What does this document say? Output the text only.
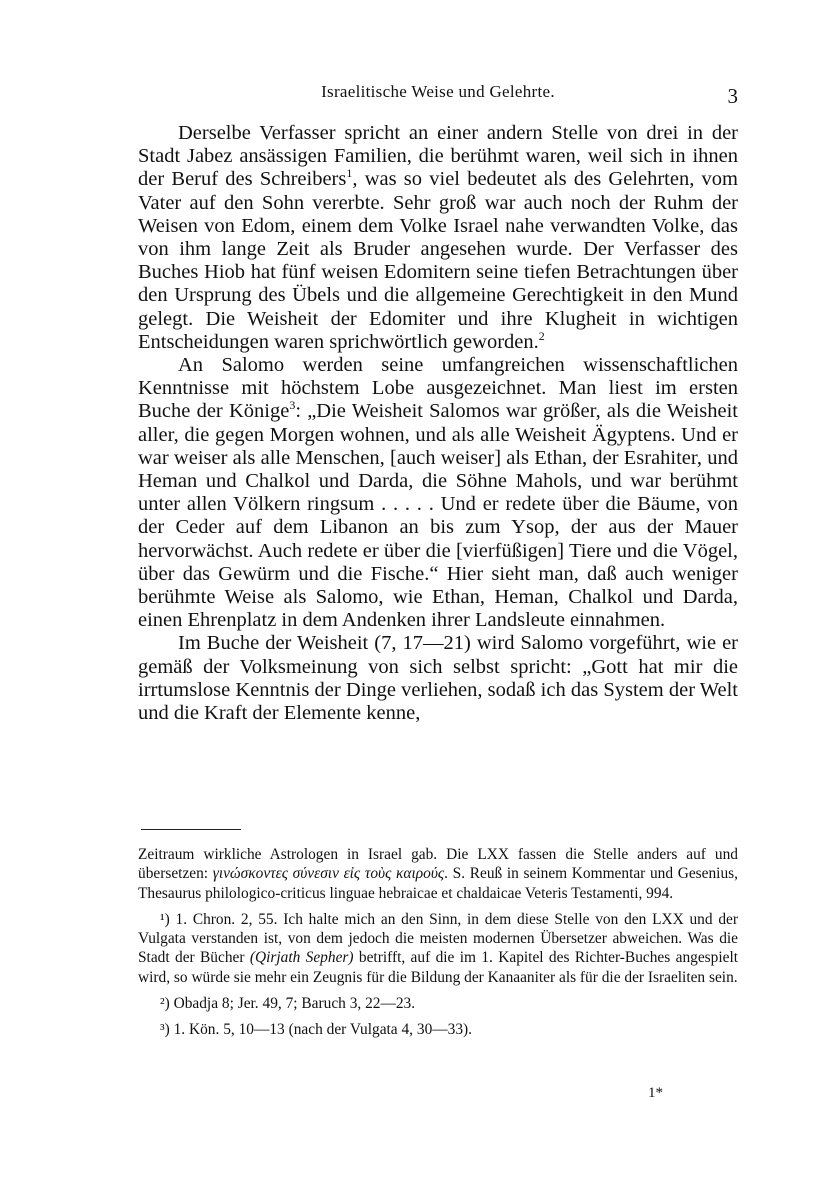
Israelitische Weise und Gelehrte.	3

Derselbe Verfasser spricht an einer andern Stelle von drei in der Stadt Jabez ansässigen Familien, die berühmt waren, weil sich in ihnen der Beruf des Schreibers$^1$, was so viel bedeutet als des Gelehrten, vom Vater auf den Sohn vererbte. Sehr groß war auch noch der Ruhm der Weisen von Edom, einem dem Volke Israel nahe verwandten Volke, das von ihm lange Zeit als Bruder angesehen wurde. Der Verfasser des Buches Hiob hat fünf weisen Edomitern seine tiefen Betrachtungen über den Ursprung des Übels und die allgemeine Gerechtigkeit in den Mund gelegt. Die Weisheit der Edomiter und ihre Klugheit in wichtigen Entscheidungen waren sprichwörtlich geworden.$^2$

An Salomo werden seine umfangreichen wissenschaftlichen Kenntnisse mit höchstem Lobe ausgezeichnet. Man liest im ersten Buche der Könige$^3$: „Die Weisheit Salomos war größer, als die Weisheit aller, die gegen Morgen wohnen, und als alle Weisheit Ägyptens. Und er war weiser als alle Menschen, [auch weiser] als Ethan, der Esrahiter, und Heman und Chalkol und Darda, die Söhne Mahols, und war berühmt unter allen Völkern ringsum . . . . . Und er redete über die Bäume, von der Ceder auf dem Libanon an bis zum Ysop, der aus der Mauer hervorwächst. Auch redete er über die [vierfüßigen] Tiere und die Vögel, über das Gewürm und die Fische.“ Hier sieht man, daß auch weniger berühmte Weise als Salomo, wie Ethan, Heman, Chalkol und Darda, einen Ehrenplatz in dem Andenken ihrer Landsleute einnahmen.

Im Buche der Weisheit (7, 17—21) wird Salomo vorgeführt, wie er gemäß der Volksmeinung von sich selbst spricht: „Gott hat mir die irrtumslose Kenntnis der Dinge verliehen, sodaß ich das System der Welt und die Kraft der Elemente kenne,

Zeitraum wirkliche Astrologen in Israel gab. Die LXX fassen die Stelle anders auf und übersetzen: γινώσκοντες σύνεσιν εἰς τοὺς καιρούς. S. Reuß in seinem Kommentar und Gesenius, Thesaurus philologico-criticus linguae hebraicae et chaldaicae Veteris Testamenti, 994.

¹) 1. Chron. 2, 55. Ich halte mich an den Sinn, in dem diese Stelle von den LXX und der Vulgata verstanden ist, von dem jedoch die meisten modernen Übersetzer abweichen. Was die Stadt der Bücher (Qirjath Sepher) betrifft, auf die im 1. Kapitel des Richter-Buches angespielt wird, so würde sie mehr ein Zeugnis für die Bildung der Kanaaniter als für die der Israeliten sein.

²) Obadja 8; Jer. 49, 7; Baruch 3, 22—23.

³) 1. Kön. 5, 10—13 (nach der Vulgata 4, 30—33).

1*
